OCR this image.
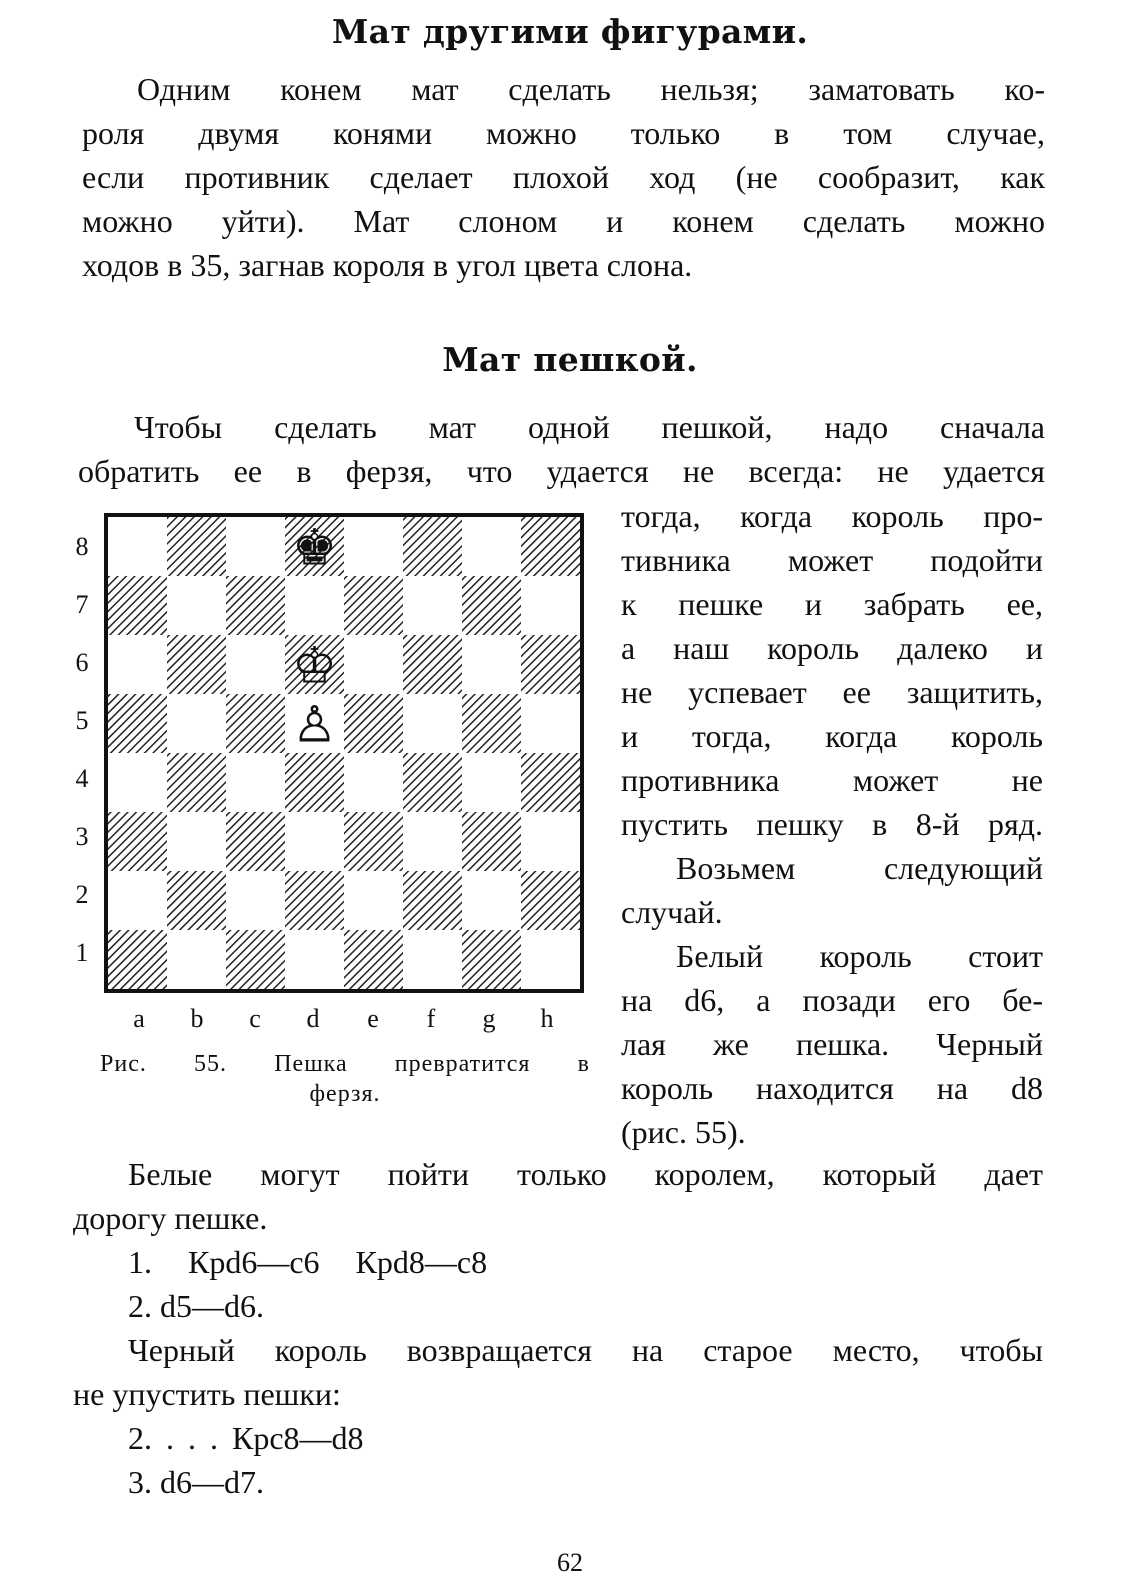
Мат другими фигурами.

Одним конем мат сделать нельзя; заматовать ко-

роля двумя конями можно только в том случае,

если противник сделает плохой ход (не сообразит, как

можно уйти). Мат слоном и конем сделать можно

ходов в 35, загнав короля в угол цвета слона.

Мат пешкой.

Чтобы сделать мат одной пешкой, надо сначала

обратить ее в ферзя, что удается не всегда: не удается

тогда, когда король про-

тивника может подойти

к пешке и забрать ее,

а наш король далеко и

не успевает ее защитить,

и тогда, когда король

противника может не

пустить пешку в 8-й ряд.

Возьмем следующий

случай.

Белый король стоит

на d6, а позади его бе-

лая же пешка. Черный

король находится на d8

(рис. 55).

8
7
6
5
4
3
2
1
♚
♔
♙
a	b	c	d	e	f	g	h

Рис. 55. Пешка превратится в

ферзя.

Белые могут пойти только королем, который дает

дорогу пешке.

1. Крd6—c6 Крd8—c8

2. d5—d6.

Черный король возвращается на старое место, чтобы

не упустить пешки:

2. . . . Крс8—d8

3. d6—d7.

62
